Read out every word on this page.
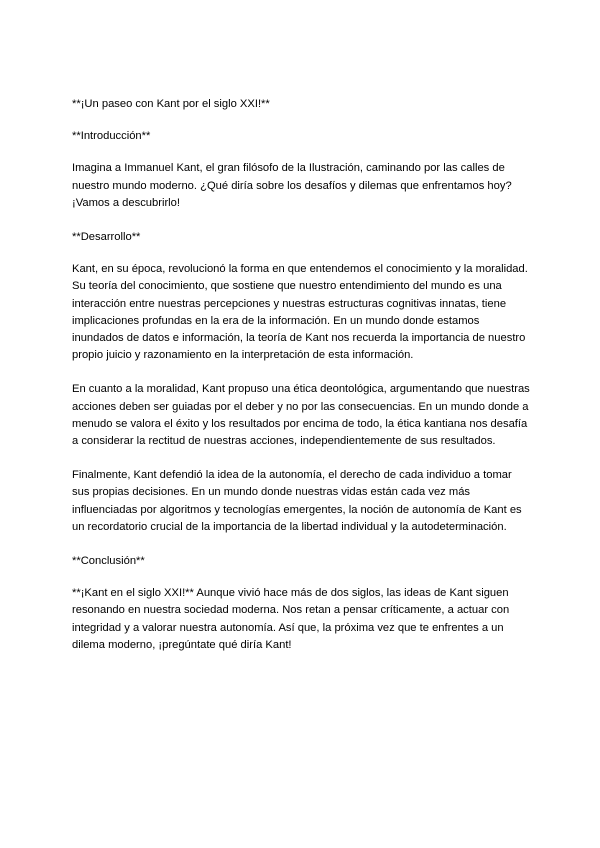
**¡Un paseo con Kant por el siglo XXI!**
**Introducción**
Imagina a Immanuel Kant, el gran filósofo de la Ilustración, caminando por las calles de
nuestro mundo moderno. ¿Qué diría sobre los desafíos y dilemas que enfrentamos hoy?
¡Vamos a descubrirlo!
**Desarrollo**
Kant, en su época, revolucionó la forma en que entendemos el conocimiento y la moralidad.
Su teoría del conocimiento, que sostiene que nuestro entendimiento del mundo es una
interacción entre nuestras percepciones y nuestras estructuras cognitivas innatas, tiene
implicaciones profundas en la era de la información. En un mundo donde estamos
inundados de datos e información, la teoría de Kant nos recuerda la importancia de nuestro
propio juicio y razonamiento en la interpretación de esta información.
En cuanto a la moralidad, Kant propuso una ética deontológica, argumentando que nuestras
acciones deben ser guiadas por el deber y no por las consecuencias. En un mundo donde a
menudo se valora el éxito y los resultados por encima de todo, la ética kantiana nos desafía
a considerar la rectitud de nuestras acciones, independientemente de sus resultados.
Finalmente, Kant defendió la idea de la autonomía, el derecho de cada individuo a tomar
sus propias decisiones. En un mundo donde nuestras vidas están cada vez más
influenciadas por algoritmos y tecnologías emergentes, la noción de autonomía de Kant es
un recordatorio crucial de la importancia de la libertad individual y la autodeterminación.
**Conclusión**
**¡Kant en el siglo XXI!** Aunque vivió hace más de dos siglos, las ideas de Kant siguen
resonando en nuestra sociedad moderna. Nos retan a pensar críticamente, a actuar con
integridad y a valorar nuestra autonomía. Así que, la próxima vez que te enfrentes a un
dilema moderno, ¡pregúntate qué diría Kant!
